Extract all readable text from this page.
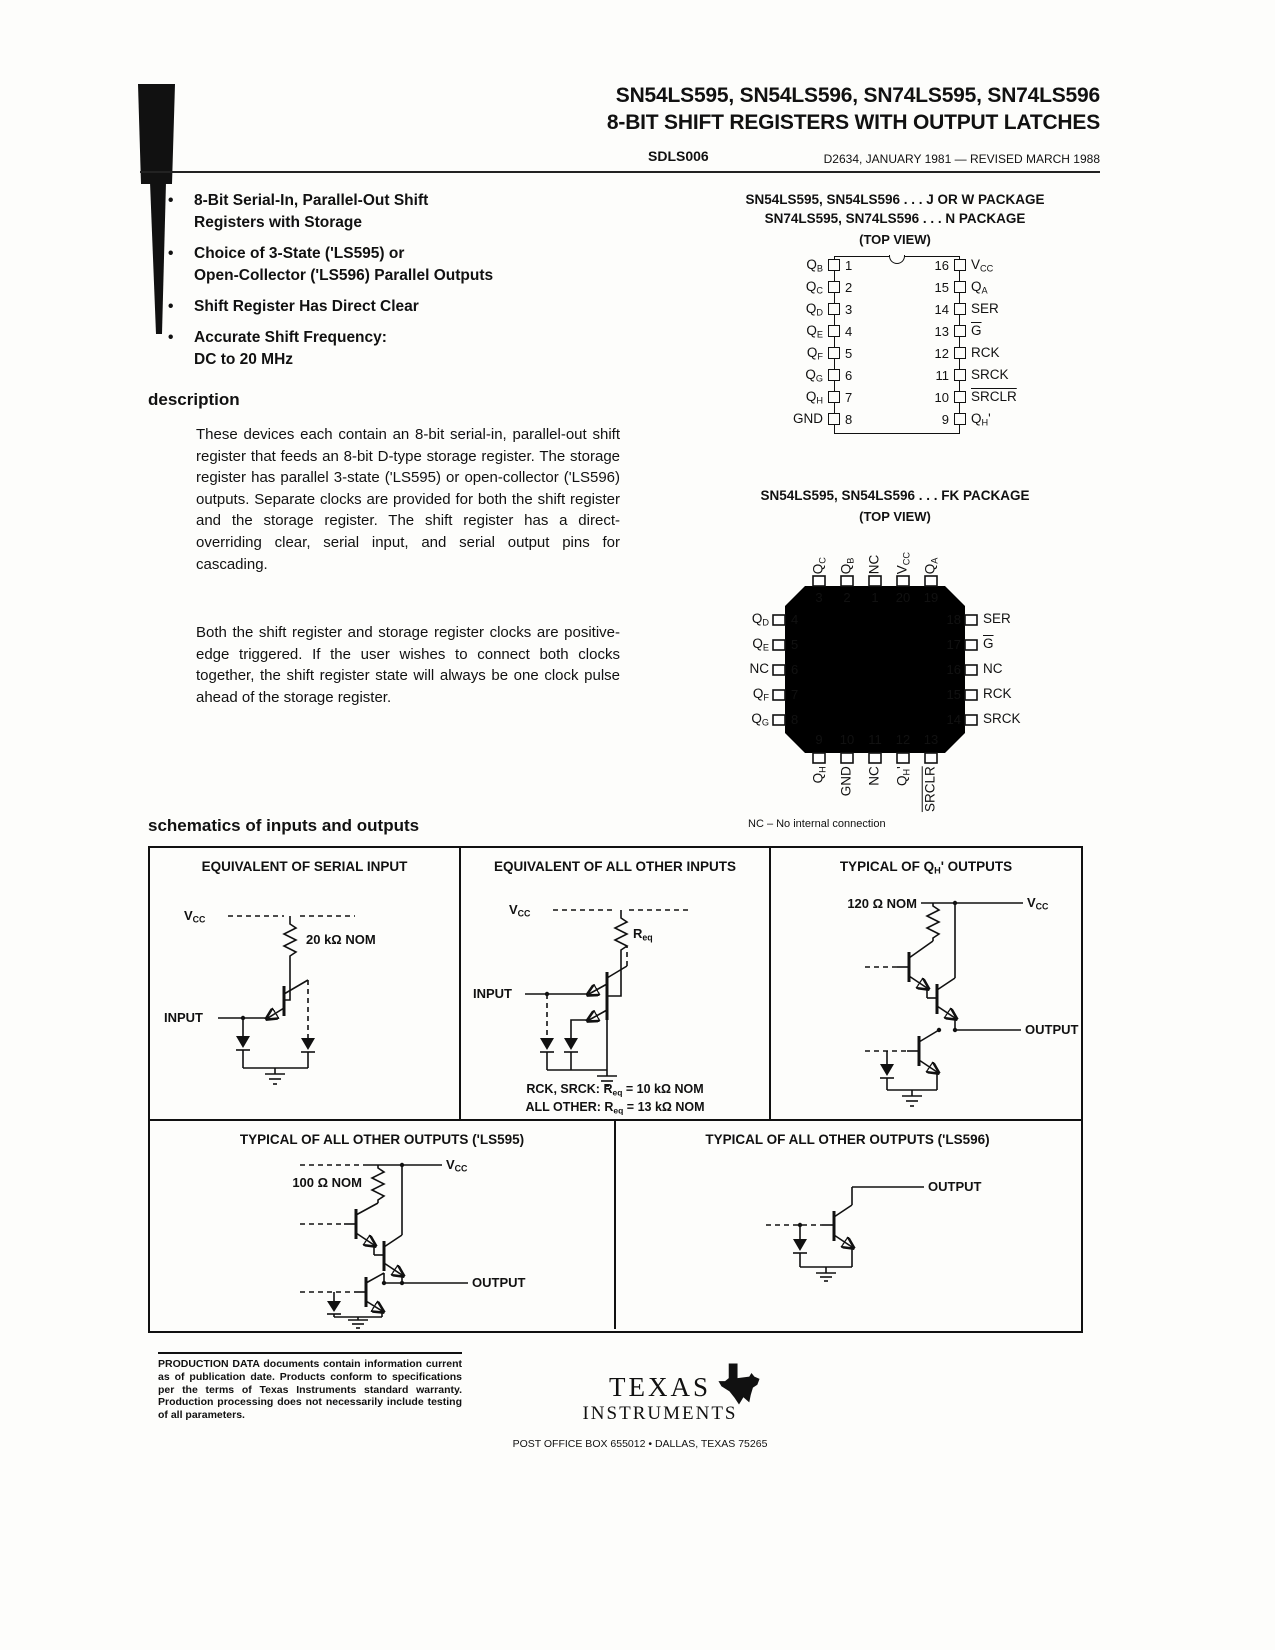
SN54LS595, SN54LS596, SN74LS595, SN74LS596
8-BIT SHIFT REGISTERS WITH OUTPUT LATCHES
SDLS006	D2634, JANUARY 1981 — REVISED MARCH 1988
•
8-Bit Serial-In, Parallel-Out Shift
Registers with Storage
•
Choice of 3-State ('LS595) or
Open-Collector ('LS596) Parallel Outputs
•
Shift Register Has Direct Clear
•
Accurate Shift Frequency:
DC to 20 MHz
description

These devices each contain an 8-bit serial-in, parallel-out shift register that feeds an 8-bit D-type storage register. The storage register has parallel 3-state ('LS595) or open-collector ('LS596) outputs. Separate clocks are provided for both the shift register and the storage register. The shift register has a direct-overriding clear, serial input, and serial output pins for cascading.

Both the shift register and storage register clocks are positive-edge triggered. If the user wishes to connect both clocks together, the shift register state will always be one clock pulse ahead of the storage register.

SN54LS595, SN54LS596 . . . J OR W PACKAGE
SN74LS595, SN74LS596 . . . N PACKAGE
(TOP VIEW)
$Q_B$	1	16	$V_{CC}$
$Q_C$	2	15	$Q_A$
$Q_D$	3	14	SER
$Q_E$	4	13	$\overline{G}$
$Q_F$	5	12	RCK
$Q_G$	6	11	SRCK
$Q_H$	7	10	SRCLR
GND	8	9	$Q_H'$
SN54LS595, SN54LS596 . . . FK PACKAGE
(TOP VIEW)
$Q_C$
$Q_B$ NC $V_{CC}$
$Q_A$
3	2	1	20 19
$Q_D$
$Q_E$
NC
$Q_F$
$Q_G$
4
5
6
7
8
18
17
16
15
14
SER
$\overline{G}$
NC
RCK
SRCK
9	10 11 12 13
$Q_H$ GND NC $Q_H'$ SRCLR
NC – No internal connection
schematics of inputs and outputs
EQUIVALENT OF SERIAL INPUT
$V_{CC}$
20 kΩ NOM
INPUT
EQUIVALENT OF ALL OTHER INPUTS
$V_{CC}$
$R_{eq}$
INPUT
RCK, SRCK: $R_{eq} = 10$ kΩ NOM
ALL OTHER: $R_{eq} = 13$ kΩ NOM
TYPICAL OF $Q_H'$ OUTPUTS
120 Ω NOM	$V_{CC}$
OUTPUT
TYPICAL OF ALL OTHER OUTPUTS ('LS595)
100 Ω NOM
$V_{CC}$
OUTPUT
TYPICAL OF ALL OTHER OUTPUTS ('LS596)
OUTPUT
PRODUCTION DATA documents contain information current as of publication date. Products conform to specifications per the terms of Texas Instruments standard warranty. Production processing does not necessarily include testing of all parameters.
TEXAS
INSTRUMENTS
POST OFFICE BOX 655012 • DALLAS, TEXAS 75265
